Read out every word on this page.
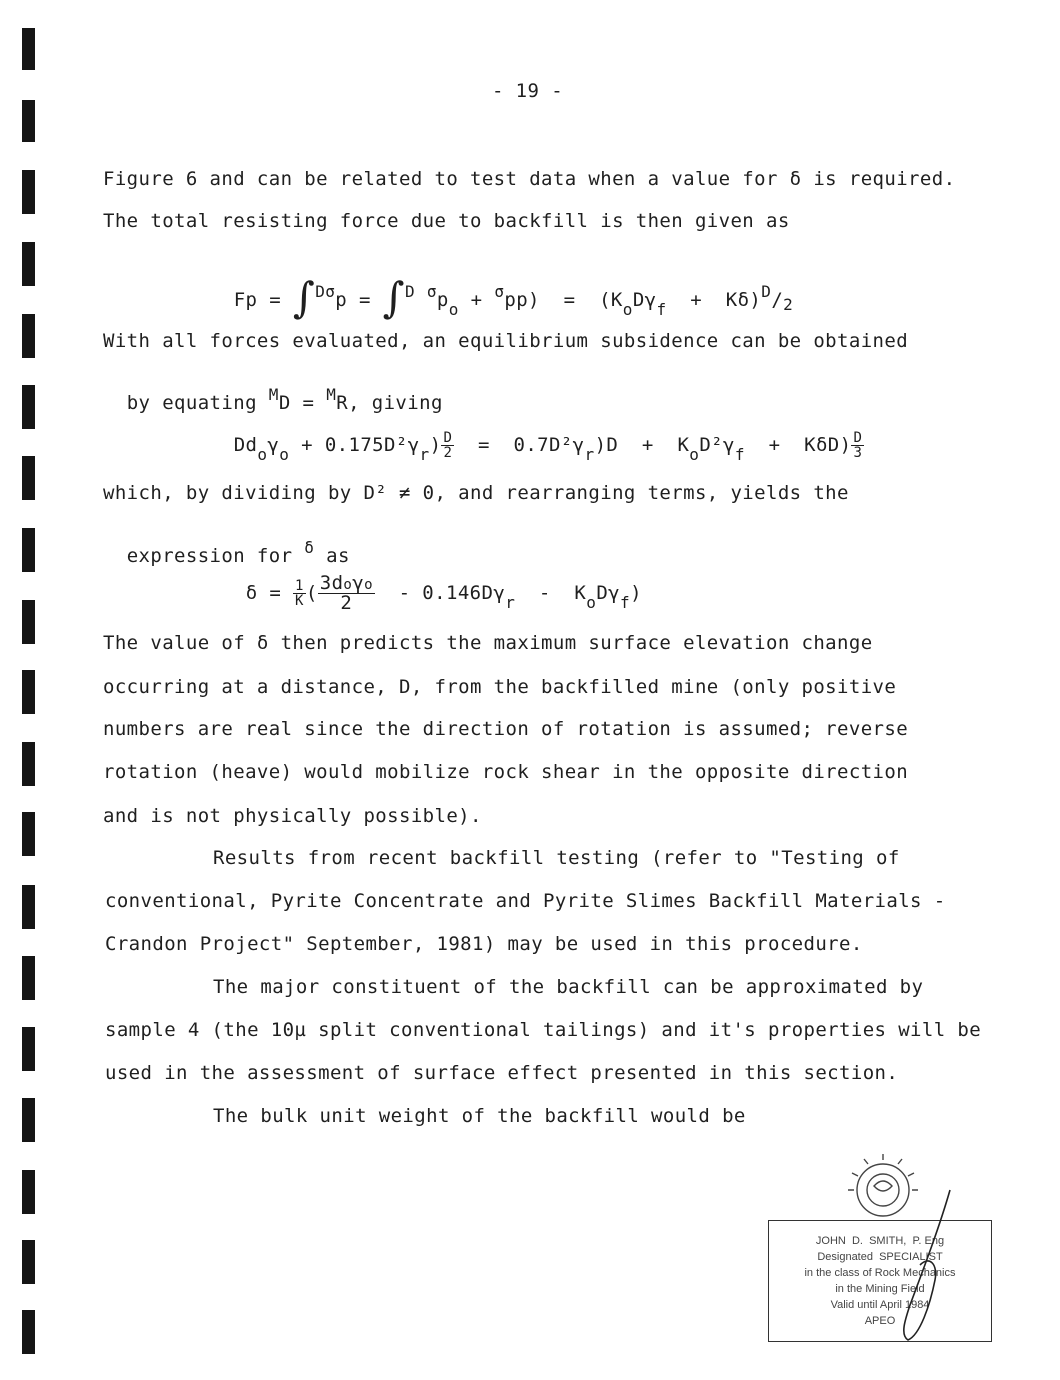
- 19 -
Figure 6 and can be related to test data when a value for δ is required.
The total resisting force due to backfill is then given as

Fp = ∫$^{D\sigma}$p = ∫$^D$ $^\sigma p_o + ^\sigma pp) = (K_oD\gamma_f + K\delta)^D/_2$

With all forces evaluated, an equilibrium subsidence can be obtained

by equating $^M$D = $^M$R, giving

$Dd_o\gamma_o + 0.175D^2\gamma_r) \frac{D}{2} = 0.7D^2\gamma_r)D + K_oD^2\gamma_f + K\delta D) \frac{D}{3}$

which, by dividing by D² ≠ 0, and rearranging terms, yields the

expression for $^\delta$ as

$\delta = \frac{1}{K}$ ( $\frac{\text{3doγo}}{2} - 0.146D\gamma_r - K_oD\gamma_f$)

The value of δ then predicts the maximum surface elevation change
occurring at a distance, D, from the backfilled mine (only positive
numbers are real since the direction of rotation is assumed; reverse
rotation (heave) would mobilize rock shear in the opposite direction
and is not physically possible).
Results from recent backfill testing (refer to "Testing of
conventional, Pyrite Concentrate and Pyrite Slimes Backfill Materials -
Crandon Project" September, 1981) may be used in this procedure.
The major constituent of the backfill can be approximated by
sample 4 (the 10µ split conventional tailings) and it's properties will be
used in the assessment of surface effect presented in this section.
The bulk unit weight of the backfill would be
JOHN  D.  SMITH,  P. Eng
Designated  SPECIALIST
in the class of Rock Mechanics
in the Mining Field
Valid until April 1984
APEO
